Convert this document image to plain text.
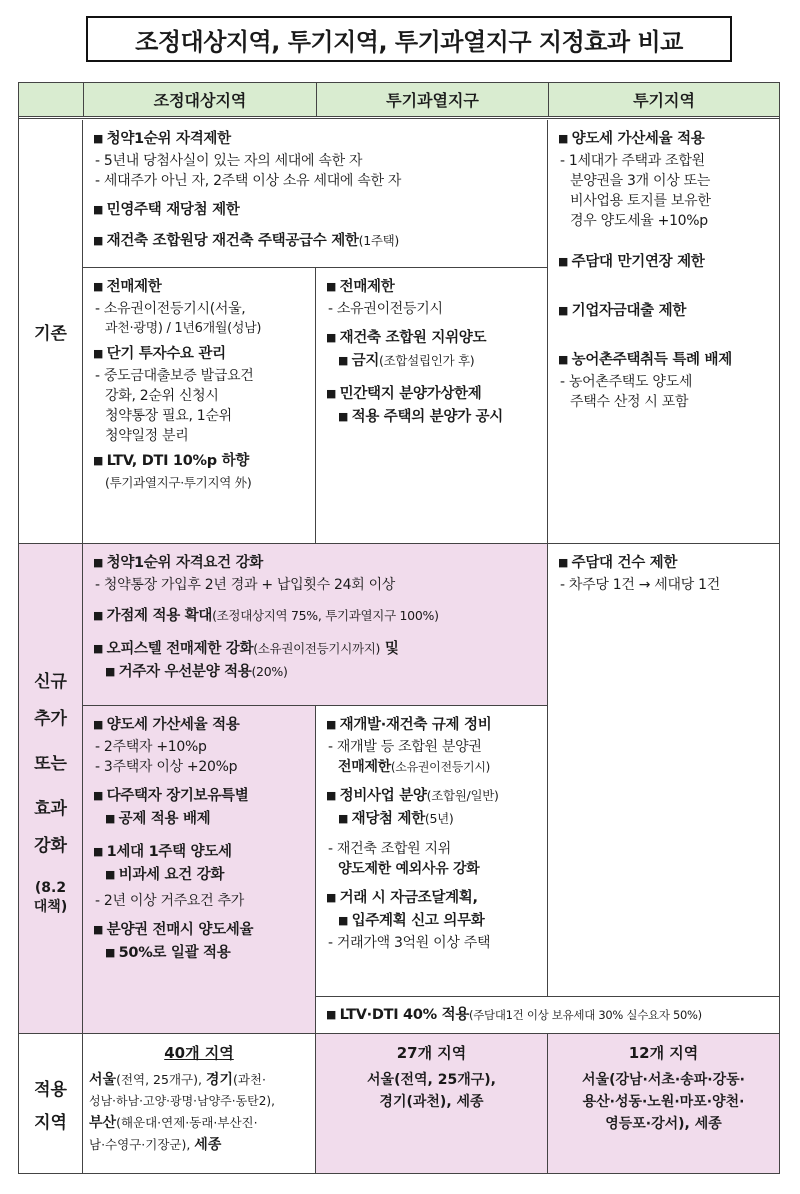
조정대상지역, 투기지역, 투기과열지구 지정효과 비교
조정대상지역	투기과열지구	투기지역
기존
■ 청약1순위 자격제한
- 5년내 당첨사실이 있는 자의 세대에 속한 자
- 세대주가 아닌 자, 2주택 이상 소유 세대에 속한 자
■ 민영주택 재당첨 제한
■ 재건축 조합원당 재건축 주택공급수 제한(1주택)
■ 전매제한
- 소유권이전등기시(서울,
과천·광명) / 1년6개월(성남)
■ 단기 투자수요 관리
- 중도금대출보증 발급요건
강화, 2순위 신청시
청약통장 필요, 1순위
청약일정 분리
■ LTV, DTI 10%p 하향
(투기과열지구·투기지역 外)
■ 전매제한
- 소유권이전등기시
■ 재건축 조합원 지위양도
■ 금지(조합설립인가 후)
■ 민간택지 분양가상한제
■ 적용 주택의 분양가 공시
■ 양도세 가산세율 적용
- 1세대가 주택과 조합원
분양권을 3개 이상 또는
비사업용 토지를 보유한
경우 양도세율 +10%p
■ 주담대 만기연장 제한
■ 기업자금대출 제한
■ 농어촌주택취득 특례 배제
- 농어촌주택도 양도세
주택수 산정 시 포함
신규
추가
또는
효과
강화
(8.2
대책)
■ 청약1순위 자격요건 강화
- 청약통장 가입후 2년 경과 + 납입횟수 24회 이상
■ 가점제 적용 확대(조정대상지역 75%, 투기과열지구 100%)
■ 오피스텔 전매제한 강화(소유권이전등기시까지) 및
■ 거주자 우선분양 적용(20%)
■ 양도세 가산세율 적용
- 2주택자 +10%p
- 3주택자 이상 +20%p
■ 다주택자 장기보유특별
■ 공제 적용 배제
■ 1세대 1주택 양도세
■ 비과세 요건 강화
- 2년 이상 거주요건 추가
■ 분양권 전매시 양도세율
■ 50%로 일괄 적용
■ 재개발·재건축 규제 정비
- 재개발 등 조합원 분양권
전매제한(소유권이전등기시)
■ 정비사업 분양(조합원/일반)
■ 재당첨 제한(5년)
- 재건축 조합원 지위
양도제한 예외사유 강화
■ 거래 시 자금조달계획,
■ 입주계획 신고 의무화
- 거래가액 3억원 이상 주택
■ LTV·DTI 40% 적용(주담대1건 이상 보유세대 30% 실수요자 50%)
■ 주담대 건수 제한
- 차주당 1건 → 세대당 1건
적용
지역
40개 지역
서울(전역, 25개구), 경기(과천·
성남·하남·고양·광명·남양주·동탄2),
부산(해운대·연제·동래·부산진·
남·수영구·기장군), 세종
27개 지역
서울(전역, 25개구),
경기(과천), 세종
12개 지역
서울(강남·서초·송파·강동·
용산·성동·노원·마포·양천·
영등포·강서), 세종
